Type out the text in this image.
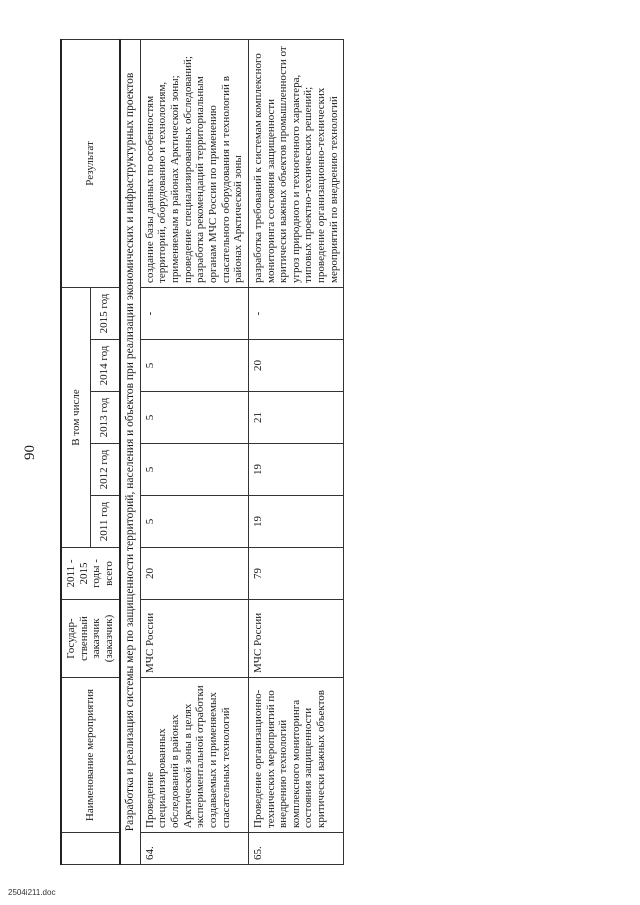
90
	Наименование мероприятия	Государ-ственный заказчик (заказчик)	2011 - 2015 годы - всего	В том числе					Результат
				2011 год	2012 год	2013 год	2014 год	2015 год	
Разработка и реализация системы мер по защищенности территорий, населения и объектов при реализации экономических и инфраструктурных проектов									
64.	Проведение специализированных обследований в районах Арктической зоны в целях экспериментальной отработки создаваемых и применяемых спасательных технологий	МЧС России	20	5	5	5	5	-	создание базы данных по особенностям территорий, оборудованию и технологиям, применяемым в районах Арктической зоны; проведение специализированных обследований; разработка рекомендаций территориальным органам МЧС России по применению спасательного оборудования и технологий в районах Арктической зоны
65.	Проведение организационно-технических мероприятий по внедрению технологий комплексного мониторинга состояния защищенности критически важных объектов	МЧС России	79	19	19	21	20	-	разработка требований к системам комплексного мониторинга состояния защищенности критически важных объектов промышленности от угроз природного и техногенного характера, типовых проектно-технических решений; проведение организационно-технических мероприятий по внедрению технологий
2504i211.doc
